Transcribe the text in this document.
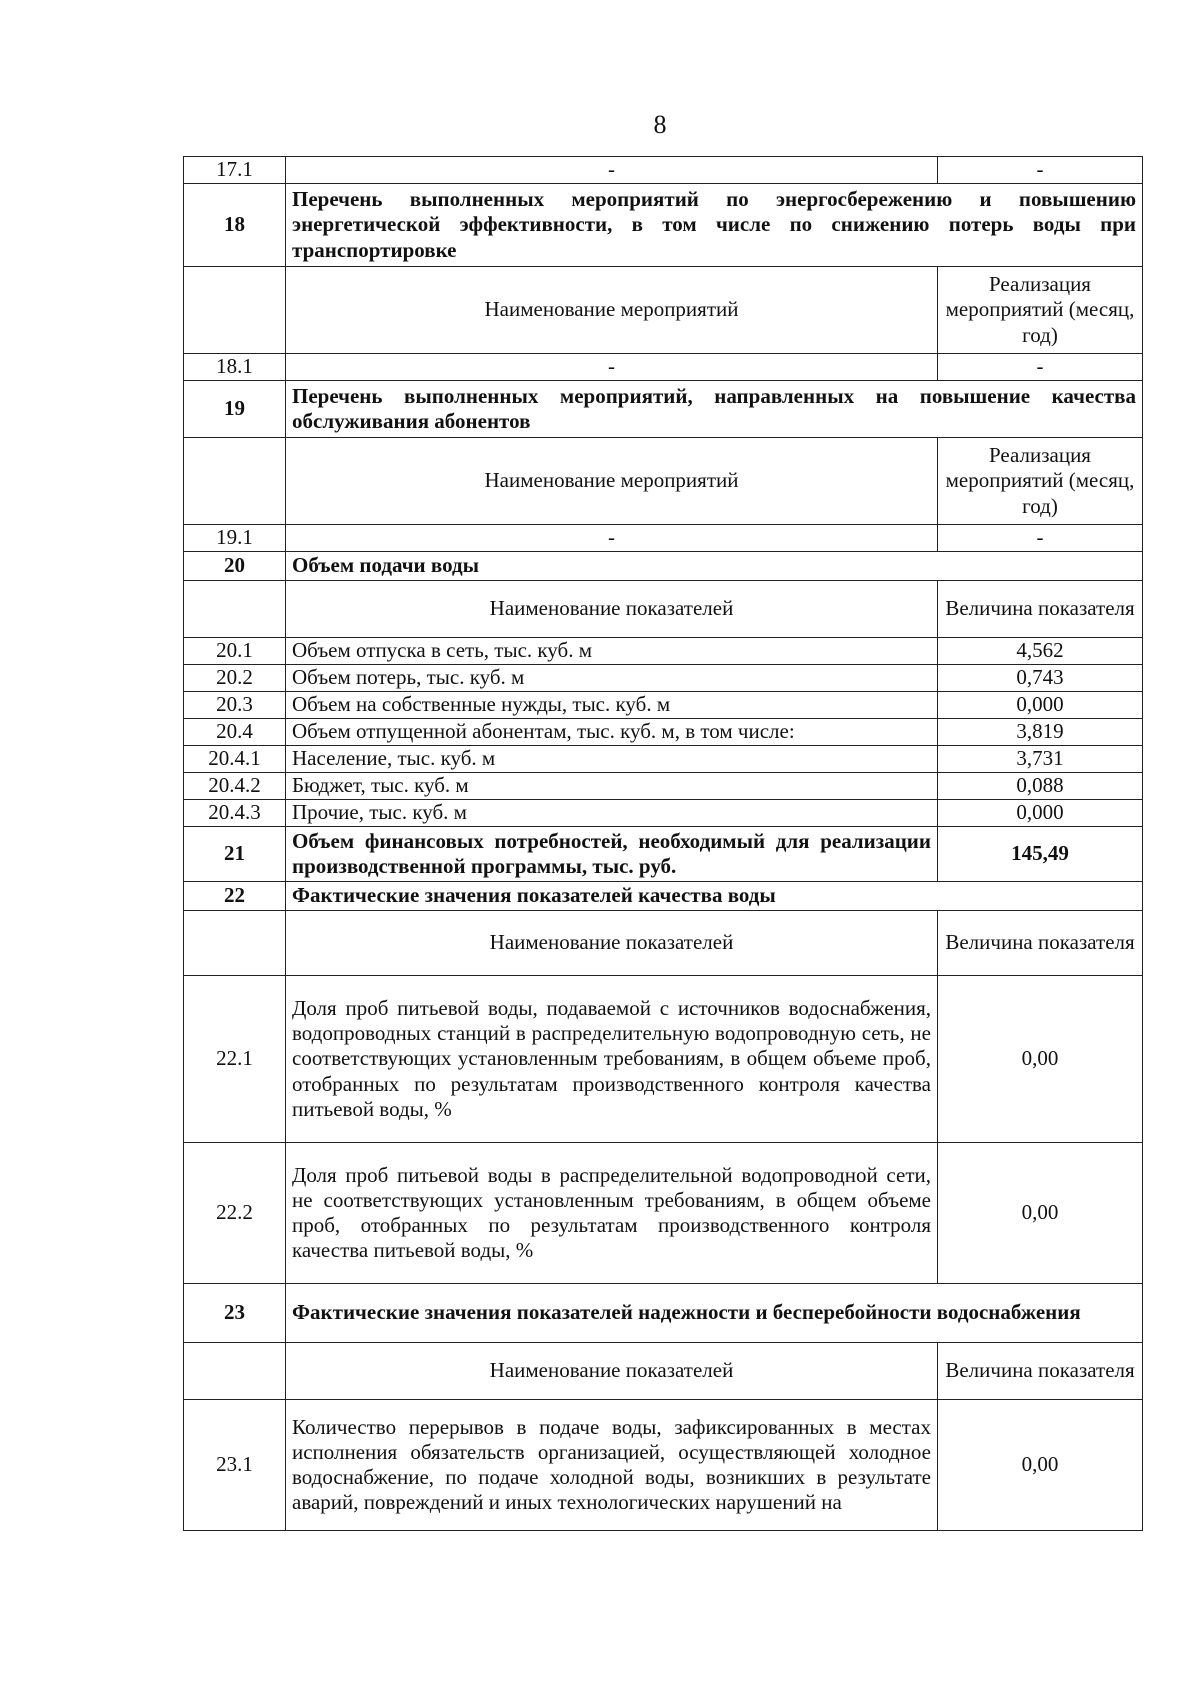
8
17.1	-	-
18	Перечень выполненных мероприятий по энергосбережению и повышению энергетической эффективности, в том числе по снижению потерь воды при транспортировке	
	Наименование мероприятий	Реализация мероприятий (месяц, год)
18.1	-	-
19	Перечень выполненных мероприятий, направленных на повышение качества обслуживания абонентов	
	Наименование мероприятий	Реализация мероприятий (месяц, год)
19.1	-	-
20	Объем подачи воды	
	Наименование показателей	Величина показателя
20.1	Объем отпуска в сеть, тыс. куб. м	4,562
20.2	Объем потерь, тыс. куб. м	0,743
20.3	Объем на собственные нужды, тыс. куб. м	0,000
20.4	Объем отпущенной абонентам, тыс. куб. м, в том числе:	3,819
20.4.1	Население, тыс. куб. м	3,731
20.4.2	Бюджет, тыс. куб. м	0,088
20.4.3	Прочие, тыс. куб. м	0,000
21	Объем финансовых потребностей, необходимый для реализации производственной программы, тыс. руб.	145,49
22	Фактические значения показателей качества воды	
	Наименование показателей	Величина показателя
22.1	Доля проб питьевой воды, подаваемой с источников водоснабжения, водопроводных станций в распределительную водопроводную сеть, не соответствующих установленным требованиям, в общем объеме проб, отобранных по результатам производственного контроля качества питьевой воды, %	0,00
22.2	Доля проб питьевой воды в распределительной водопроводной сети, не соответствующих установленным требованиям, в общем объеме проб, отобранных по результатам производственного контроля качества питьевой воды, %	0,00
23	Фактические значения показателей надежности и бесперебойности водоснабжения	
	Наименование показателей	Величина показателя
23.1	Количество перерывов в подаче воды, зафиксированных в местах исполнения обязательств организацией, осуществляющей холодное водоснабжение, по подаче холодной воды, возникших в результате аварий, повреждений и иных технологических нарушений на	0,00
